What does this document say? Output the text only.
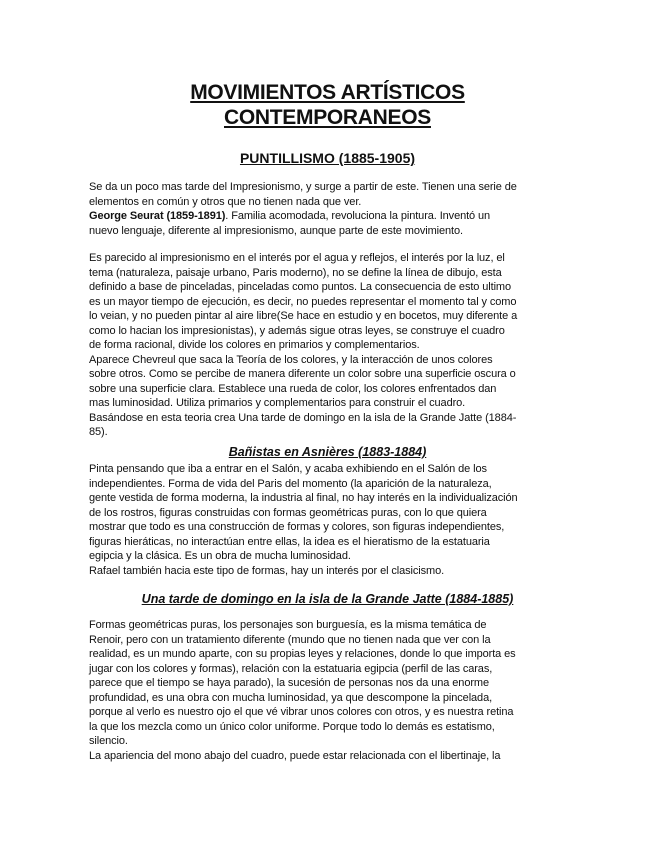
MOVIMIENTOS ARTÍSTICOS
CONTEMPORANEOS
PUNTILLISMO (1885-1905)
Se da un poco mas tarde del Impresionismo, y surge a partir de este. Tienen una serie de
elementos en común y otros que no tienen nada que ver.
George Seurat (1859-1891). Familia acomodada, revoluciona la pintura. Inventó un
nuevo lenguaje, diferente al impresionismo, aunque parte de este movimiento.
Es parecido al impresionismo en el interés por el agua y reflejos, el interés por la luz, el
tema (naturaleza, paisaje urbano, Paris moderno), no se define la línea de dibujo, esta
definido a base de pinceladas, pinceladas como puntos. La consecuencia de esto ultimo
es un mayor tiempo de ejecución, es decir, no puedes representar el momento tal y como
lo veian, y no pueden pintar al aire libre(Se hace en estudio y en bocetos, muy diferente a
como lo hacian los impresionistas), y además sigue otras leyes, se construye el cuadro
de forma racional, divide los colores en primarios y complementarios.
Aparece Chevreul que saca la Teoría de los colores, y la interacción de unos colores
sobre otros. Como se percibe de manera diferente un color sobre una superficie oscura o
sobre una superficie clara. Establece una rueda de color, los colores enfrentados dan
mas luminosidad. Utiliza primarios y complementarios para construir el cuadro.
Basándose en esta teoria crea Una tarde de domingo en la isla de la Grande Jatte (1884-
85).
Bañistas en Asnières (1883-1884)
Pinta pensando que iba a entrar en el Salón, y acaba exhibiendo en el Salón de los
independientes. Forma de vida del Paris del momento (la aparición de la naturaleza,
gente vestida de forma moderna, la industria al final, no hay interés en la individualización
de los rostros, figuras construidas con formas geométricas puras, con lo que quiera
mostrar que todo es una construcción de formas y colores, son figuras independientes,
figuras hieráticas, no interactúan entre ellas, la idea es el hieratismo de la estatuaria
egipcia y la clásica. Es un obra de mucha luminosidad.
Rafael también hacia este tipo de formas, hay un interés por el clasicismo.
Una tarde de domingo en la isla de la Grande Jatte (1884-1885)
Formas geométricas puras, los personajes son burguesía, es la misma temática de
Renoir, pero con un tratamiento diferente (mundo que no tienen nada que ver con la
realidad, es un mundo aparte, con su propias leyes y relaciones, donde lo que importa es
jugar con los colores y formas), relación con la estatuaria egipcia (perfil de las caras,
parece que el tiempo se haya parado), la sucesión de personas nos da una enorme
profundidad, es una obra con mucha luminosidad, ya que descompone la pincelada,
porque al verlo es nuestro ojo el que vé vibrar unos colores con otros, y es nuestra retina
la que los mezcla como un único color uniforme. Porque todo lo demás es estatismo,
silencio.
La apariencia del mono abajo del cuadro, puede estar relacionada con el libertinaje, la
